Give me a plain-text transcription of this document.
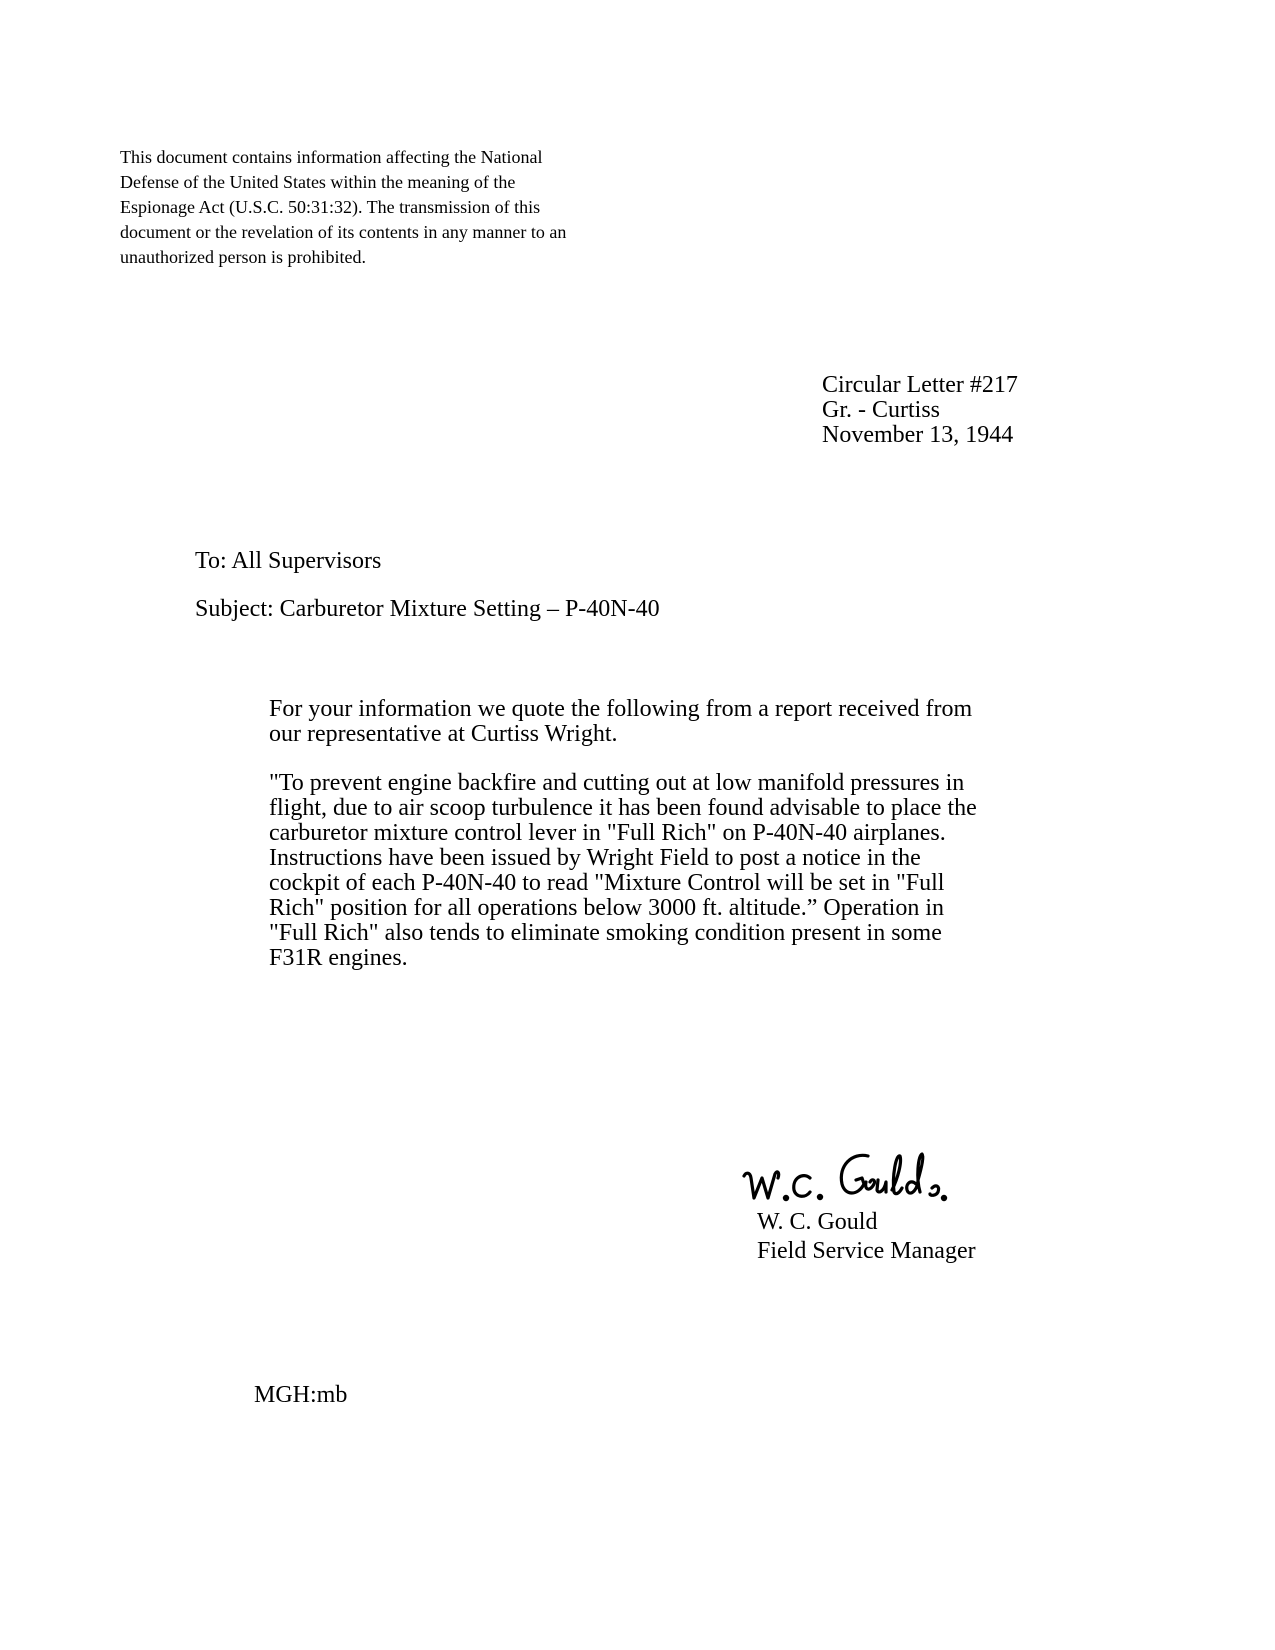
This document contains information affecting the National
Defense of the United States within the meaning of the
Espionage Act (U.S.C. 50:31:32). The transmission of this
document or the revelation of its contents in any manner to an
unauthorized person is prohibited.
Circular Letter #217
Gr. - Curtiss
November 13, 1944
To: All Supervisors
Subject: Carburetor Mixture Setting – P-40N-40
For your information we quote the following from a report received from
our representative at Curtiss Wright.
"To prevent engine backfire and cutting out at low manifold pressures in
flight, due to air scoop turbulence it has been found advisable to place the
carburetor mixture control lever in "Full Rich" on P-40N-40 airplanes.
Instructions have been issued by Wright Field to post a notice in the
cockpit of each P-40N-40 to read "Mixture Control will be set in "Full
Rich" position for all operations below 3000 ft. altitude.” Operation in
"Full Rich" also tends to eliminate smoking condition present in some
F31R engines.
W. C. Gould
Field Service Manager
MGH:mb
